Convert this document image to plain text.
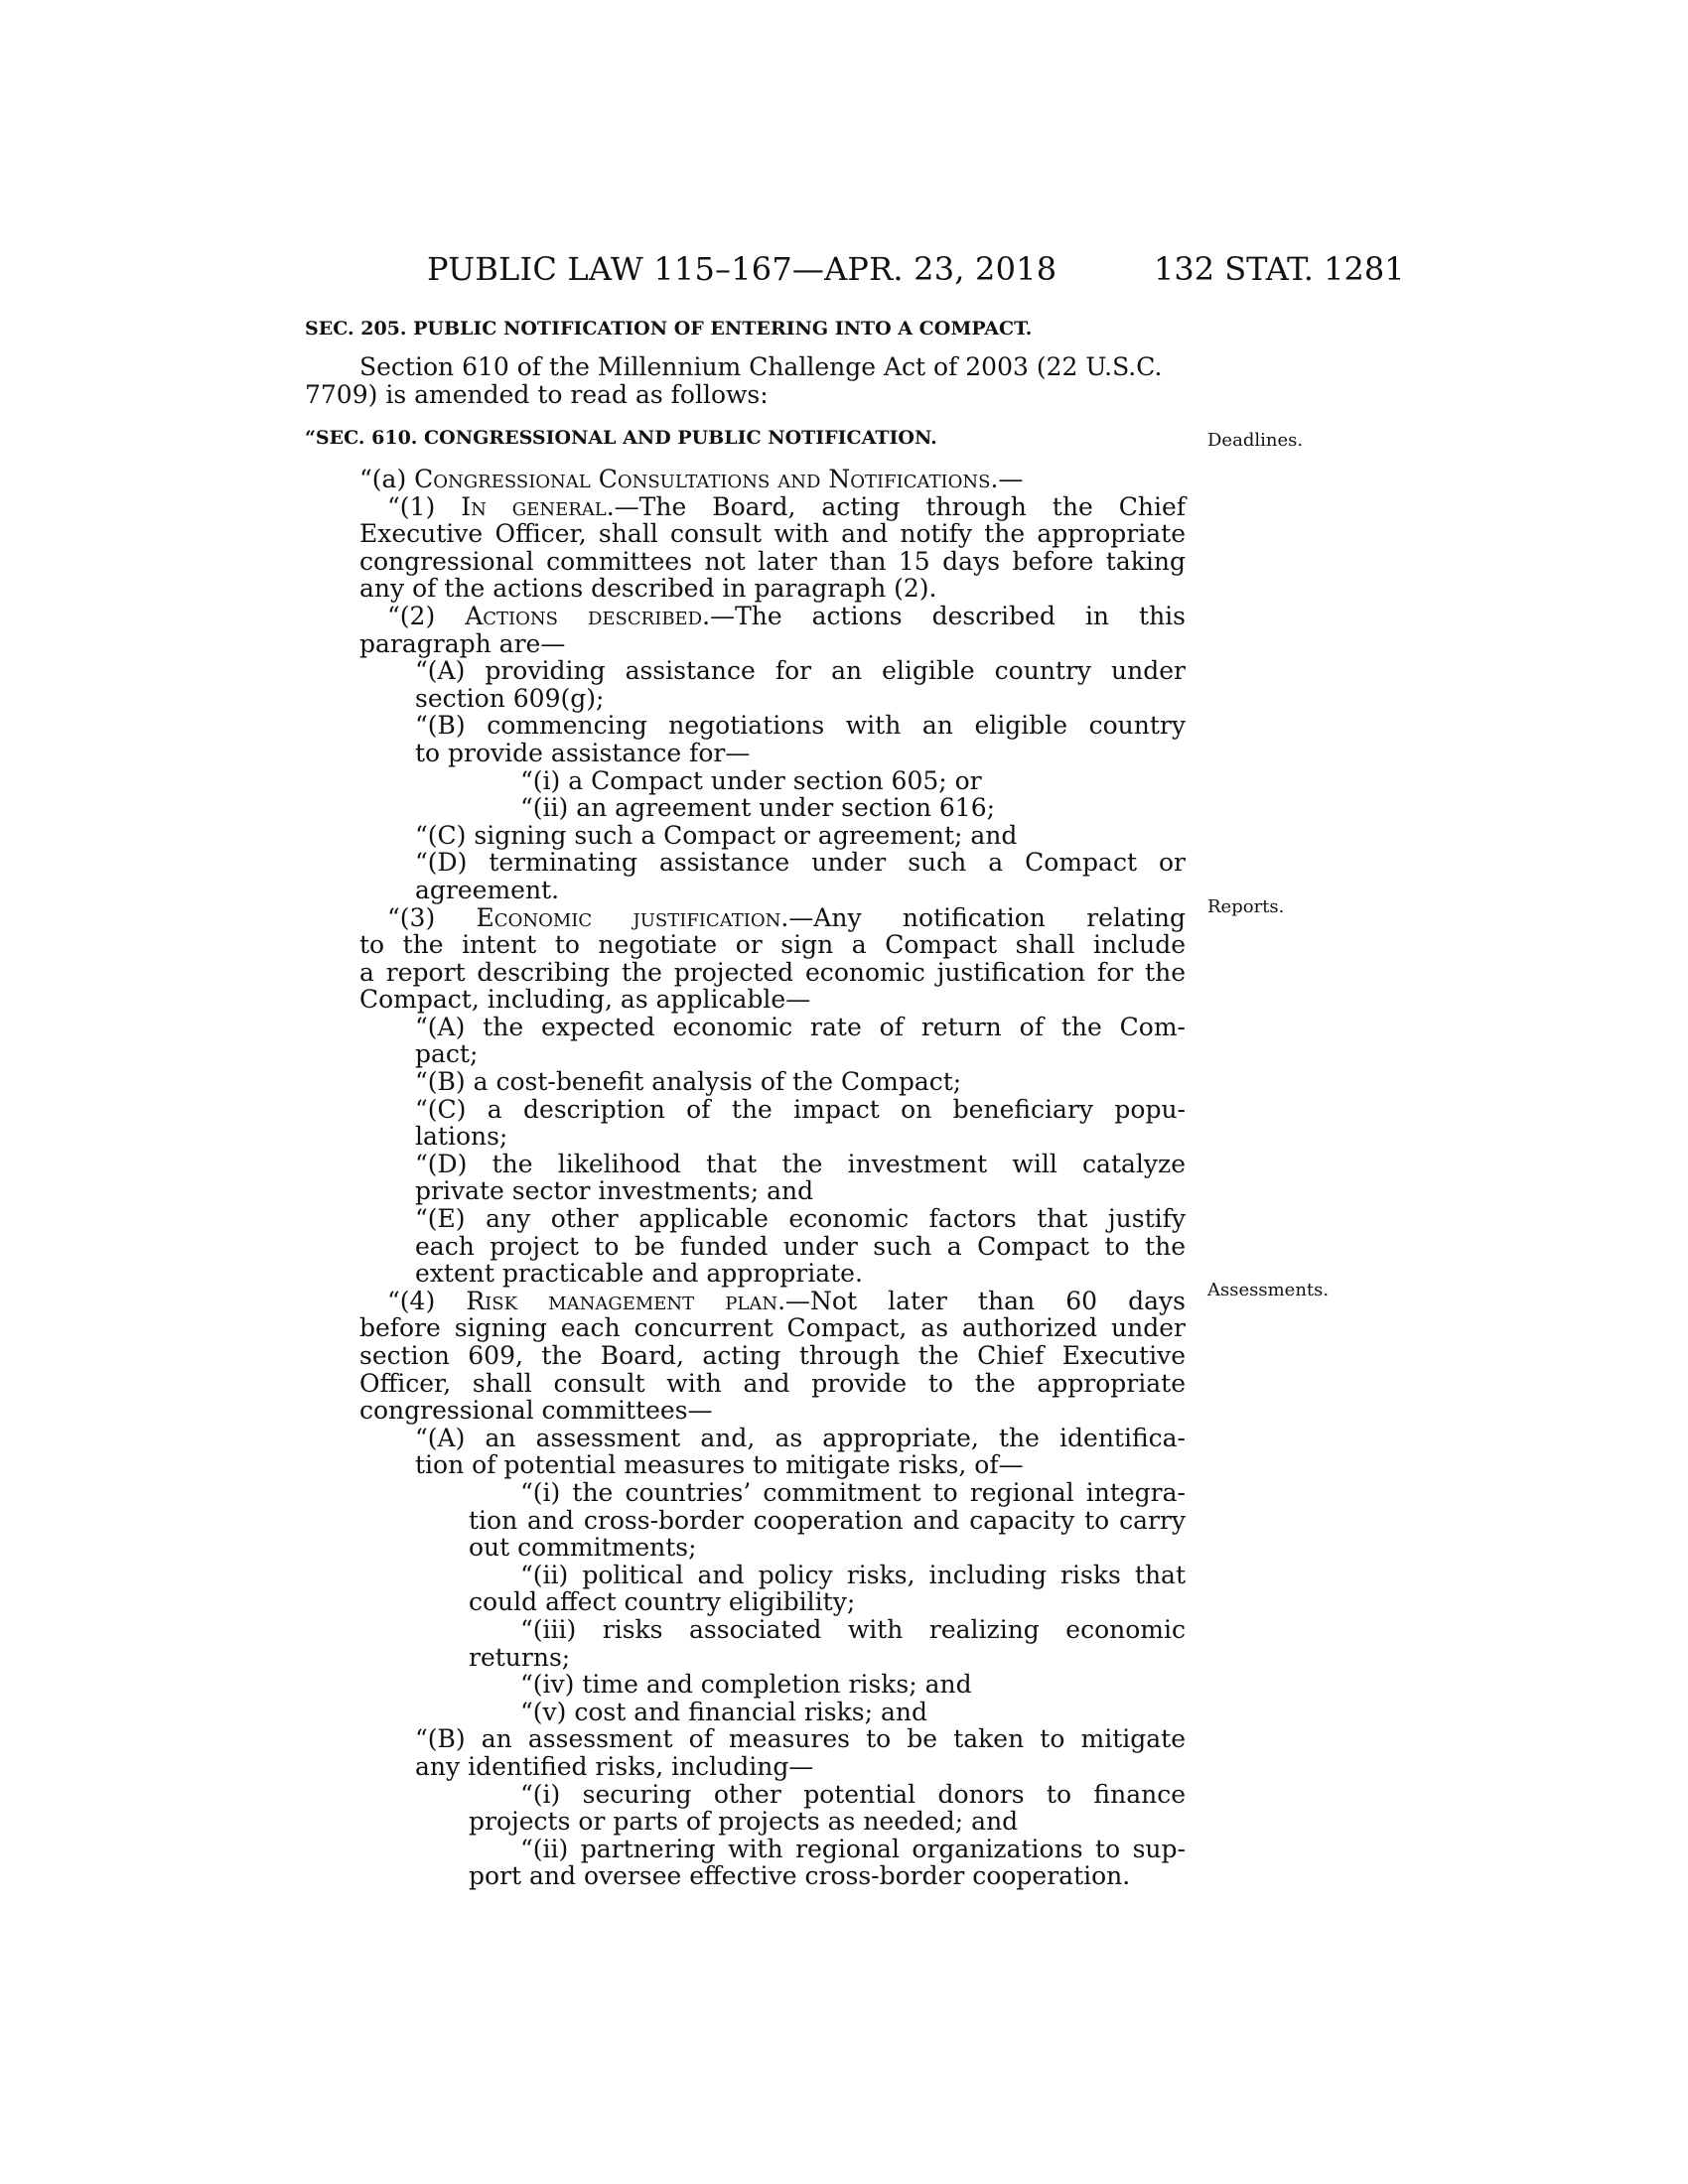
PUBLIC LAW 115–167—APR. 23, 2018	132 STAT. 1281
SEC. 205. PUBLIC NOTIFICATION OF ENTERING INTO A COMPACT.

Section 610 of the Millennium Challenge Act of 2003 (22 U.S.C.

7709) is amended to read as follows:

“SEC. 610. CONGRESSIONAL AND PUBLIC NOTIFICATION.	Deadlines.
Reports.
Assessments.

“(a) Congressional Consultations and Notifications.—

“(1) In general.—The Board, acting through the Chief

Executive Officer, shall consult with and notify the appropriate

congressional committees not later than 15 days before taking

any of the actions described in paragraph (2).

“(2) Actions described.—The actions described in this

paragraph are—

“(A) providing assistance for an eligible country under

section 609(g);

“(B) commencing negotiations with an eligible country

to provide assistance for—

“(i) a Compact under section 605; or

“(ii) an agreement under section 616;

“(C) signing such a Compact or agreement; and

“(D) terminating assistance under such a Compact or

agreement.

“(3) Economic justification.—Any notification relating

to the intent to negotiate or sign a Compact shall include

a report describing the projected economic justification for the

Compact, including, as applicable—

“(A) the expected economic rate of return of the Com-

pact;

“(B) a cost-benefit analysis of the Compact;

“(C) a description of the impact on beneficiary popu-

lations;

“(D) the likelihood that the investment will catalyze

private sector investments; and

“(E) any other applicable economic factors that justify

each project to be funded under such a Compact to the

extent practicable and appropriate.

“(4) Risk management plan.—Not later than 60 days

before signing each concurrent Compact, as authorized under

section 609, the Board, acting through the Chief Executive

Officer, shall consult with and provide to the appropriate

congressional committees—

“(A) an assessment and, as appropriate, the identifica-

tion of potential measures to mitigate risks, of—

“(i) the countries’ commitment to regional integra-

tion and cross-border cooperation and capacity to carry

out commitments;

“(ii) political and policy risks, including risks that

could affect country eligibility;

“(iii) risks associated with realizing economic

returns;

“(iv) time and completion risks; and

“(v) cost and financial risks; and

“(B) an assessment of measures to be taken to mitigate

any identified risks, including—

“(i) securing other potential donors to finance

projects or parts of projects as needed; and

“(ii) partnering with regional organizations to sup-

port and oversee effective cross-border cooperation.
